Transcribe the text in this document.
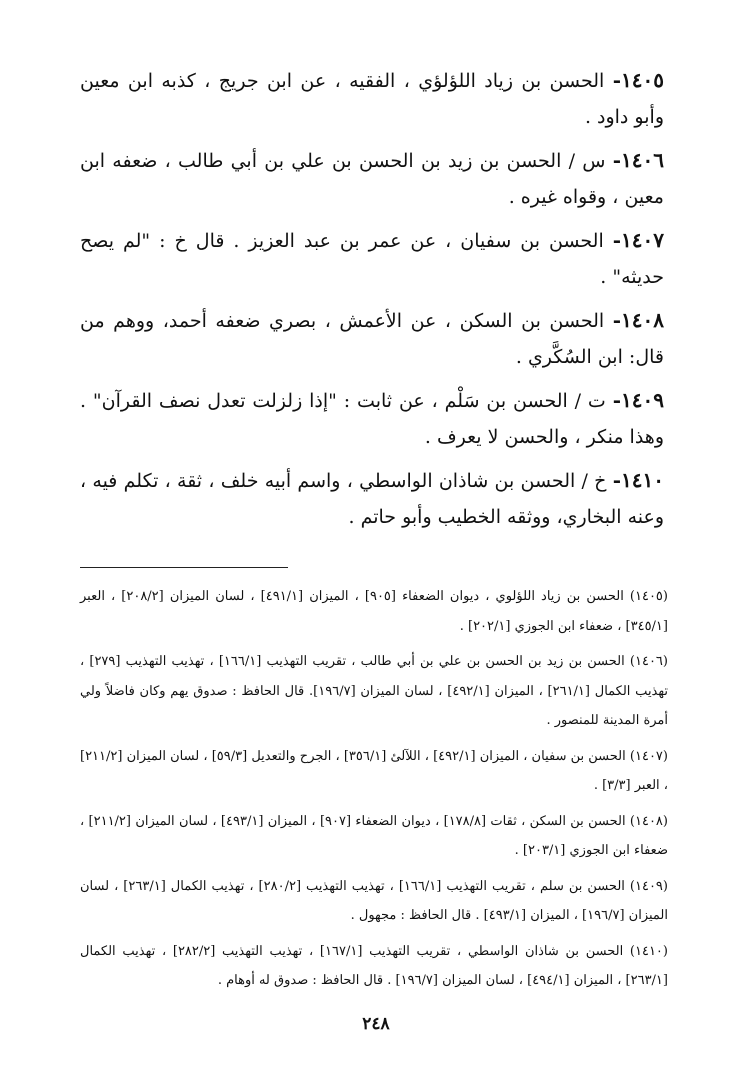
١٤٠٥- الحسن بن زياد اللؤلؤي ، الفقيه ، عن ابن جريج ، كذبه ابن معين وأبو داود .

١٤٠٦- س / الحسن بن زيد بن الحسن بن علي بن أبي طالب ، ضعفه ابن معين ، وقواه غيره .

١٤٠٧- الحسن بن سفيان ، عن عمر بن عبد العزيز . قال خ : "لم يصح حديثه" .

١٤٠٨- الحسن بن السكن ، عن الأعمش ، بصري ضعفه أحمد، ووهم من قال: ابن السُكَّري .

١٤٠٩- ت / الحسن بن سَلْم ، عن ثابت : "إذا زلزلت تعدل نصف القرآن" . وهذا منكر ، والحسن لا يعرف .

١٤١٠- خ / الحسن بن شاذان الواسطي ، واسم أبيه خلف ، ثقة ، تكلم فيه ، وعنه البخاري، ووثقه الخطيب وأبو حاتم .

(١٤٠٥) الحسن بن زياد اللؤلوي ، ديوان الضعفاء [٩٠٥] ، الميزان [٤٩١/١] ، لسان الميزان [٢٠٨/٢] ، العبر [٣٤٥/١] ، ضعفاء ابن الجوزي [٢٠٢/١] .

(١٤٠٦) الحسن بن زيد بن الحسن بن علي بن أبي طالب ، تقريب التهذيب [١٦٦/١] ، تهذيب التهذيب [٢٧٩] ، تهذيب الكمال [٢٦١/١] ، الميزان [٤٩٢/١] ، لسان الميزان [١٩٦/٧]. قال الحافظ : صدوق يهم وكان فاضلاً ولي أمرة المدينة للمنصور .

(١٤٠٧) الحسن بن سفيان ، الميزان [٤٩٢/١] ، اللآلئ [٣٥٦/١] ، الجرح والتعديل [٥٩/٣] ، لسان الميزان [٢١١/٢] ، العبر [٣/٣] .

(١٤٠٨) الحسن بن السكن ، ثقات [١٧٨/٨] ، ديوان الضعفاء [٩٠٧] ، الميزان [٤٩٣/١] ، لسان الميزان [٢١١/٢] ، ضعفاء ابن الجوزي [٢٠٣/١] .

(١٤٠٩) الحسن بن سلم ، تقريب التهذيب [١٦٦/١] ، تهذيب التهذيب [٢٨٠/٢] ، تهذيب الكمال [٢٦٣/١] ، لسان الميزان [١٩٦/٧] ، الميزان [٤٩٣/١] . قال الحافظ : مجهول .

(١٤١٠) الحسن بن شاذان الواسطي ، تقريب التهذيب [١٦٧/١] ، تهذيب التهذيب [٢٨٢/٢] ، تهذيب الكمال [٢٦٣/١] ، الميزان [٤٩٤/١] ، لسان الميزان [١٩٦/٧] . قال الحافظ : صدوق له أوهام .

٢٤٨
